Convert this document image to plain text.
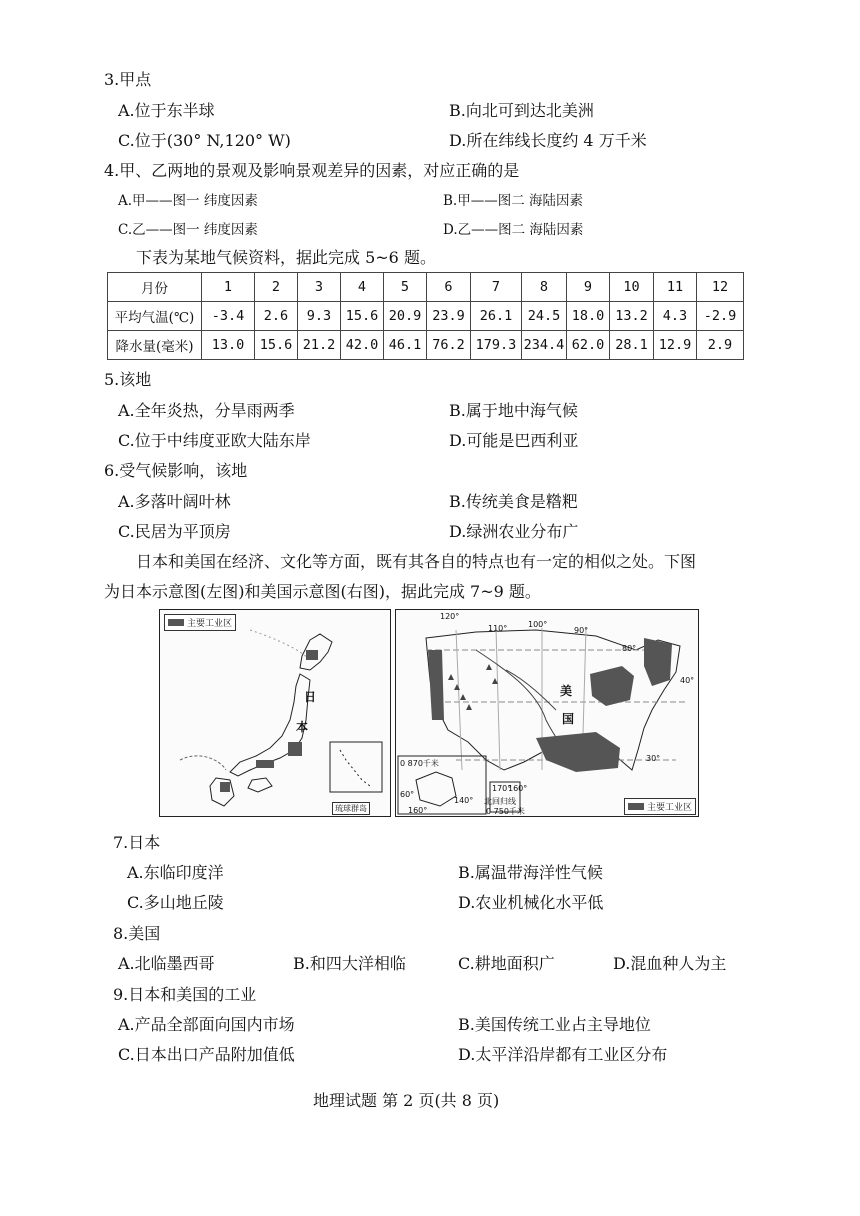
3.甲点
A.位于东半球	B.向北可到达北美洲
C.位于(30° N,120° W)	D.所在纬线长度约 4 万千米
4.甲、乙两地的景观及影响景观差异的因素，对应正确的是
A.甲——图一 纬度因素	B.甲——图二 海陆因素
C.乙——图一 纬度因素	D.乙——图二 海陆因素
下表为某地气候资料，据此完成 5~6 题。
月份	1	2	3	4	5	6	7	8	9	10	11	12
平均气温(℃)	-3.4	2.6	9.3	15.6	20.9	23.9	26.1	24.5	18.0	13.2	4.3	-2.9
降水量(毫米)	13.0	15.6	21.2	42.0	46.1	76.2	179.3	234.4	62.0	28.1	12.9	2.9
5.该地
A.全年炎热，分旱雨两季	B.属于地中海气候
C.位于中纬度亚欧大陆东岸	D.可能是巴西利亚
6.受气候影响，该地
A.多落叶阔叶林	B.传统美食是糌粑
C.民居为平顶房	D.绿洲农业分布广
日本和美国在经济、文化等方面，既有其各自的特点也有一定的相似之处。下图
为日本示意图(左图)和美国示意图(右图)，据此完成 7~9 题。
主要工业区
日
本
琉球群岛
120°
110°	100°
90°
80°
40°
30°
美
国
0 870千米
60°
140°
160°
170°
160°
北回归线
0 750千米	主要工业区
7.日本
A.东临印度洋	B.属温带海洋性气候
C.多山地丘陵	D.农业机械化水平低
8.美国
A.北临墨西哥	B.和四大洋相临	C.耕地面积广	D.混血种人为主
9.日本和美国的工业
A.产品全部面向国内市场	B.美国传统工业占主导地位
C.日本出口产品附加值低	D.太平洋沿岸都有工业区分布
地理试题 第 2 页(共 8 页)
